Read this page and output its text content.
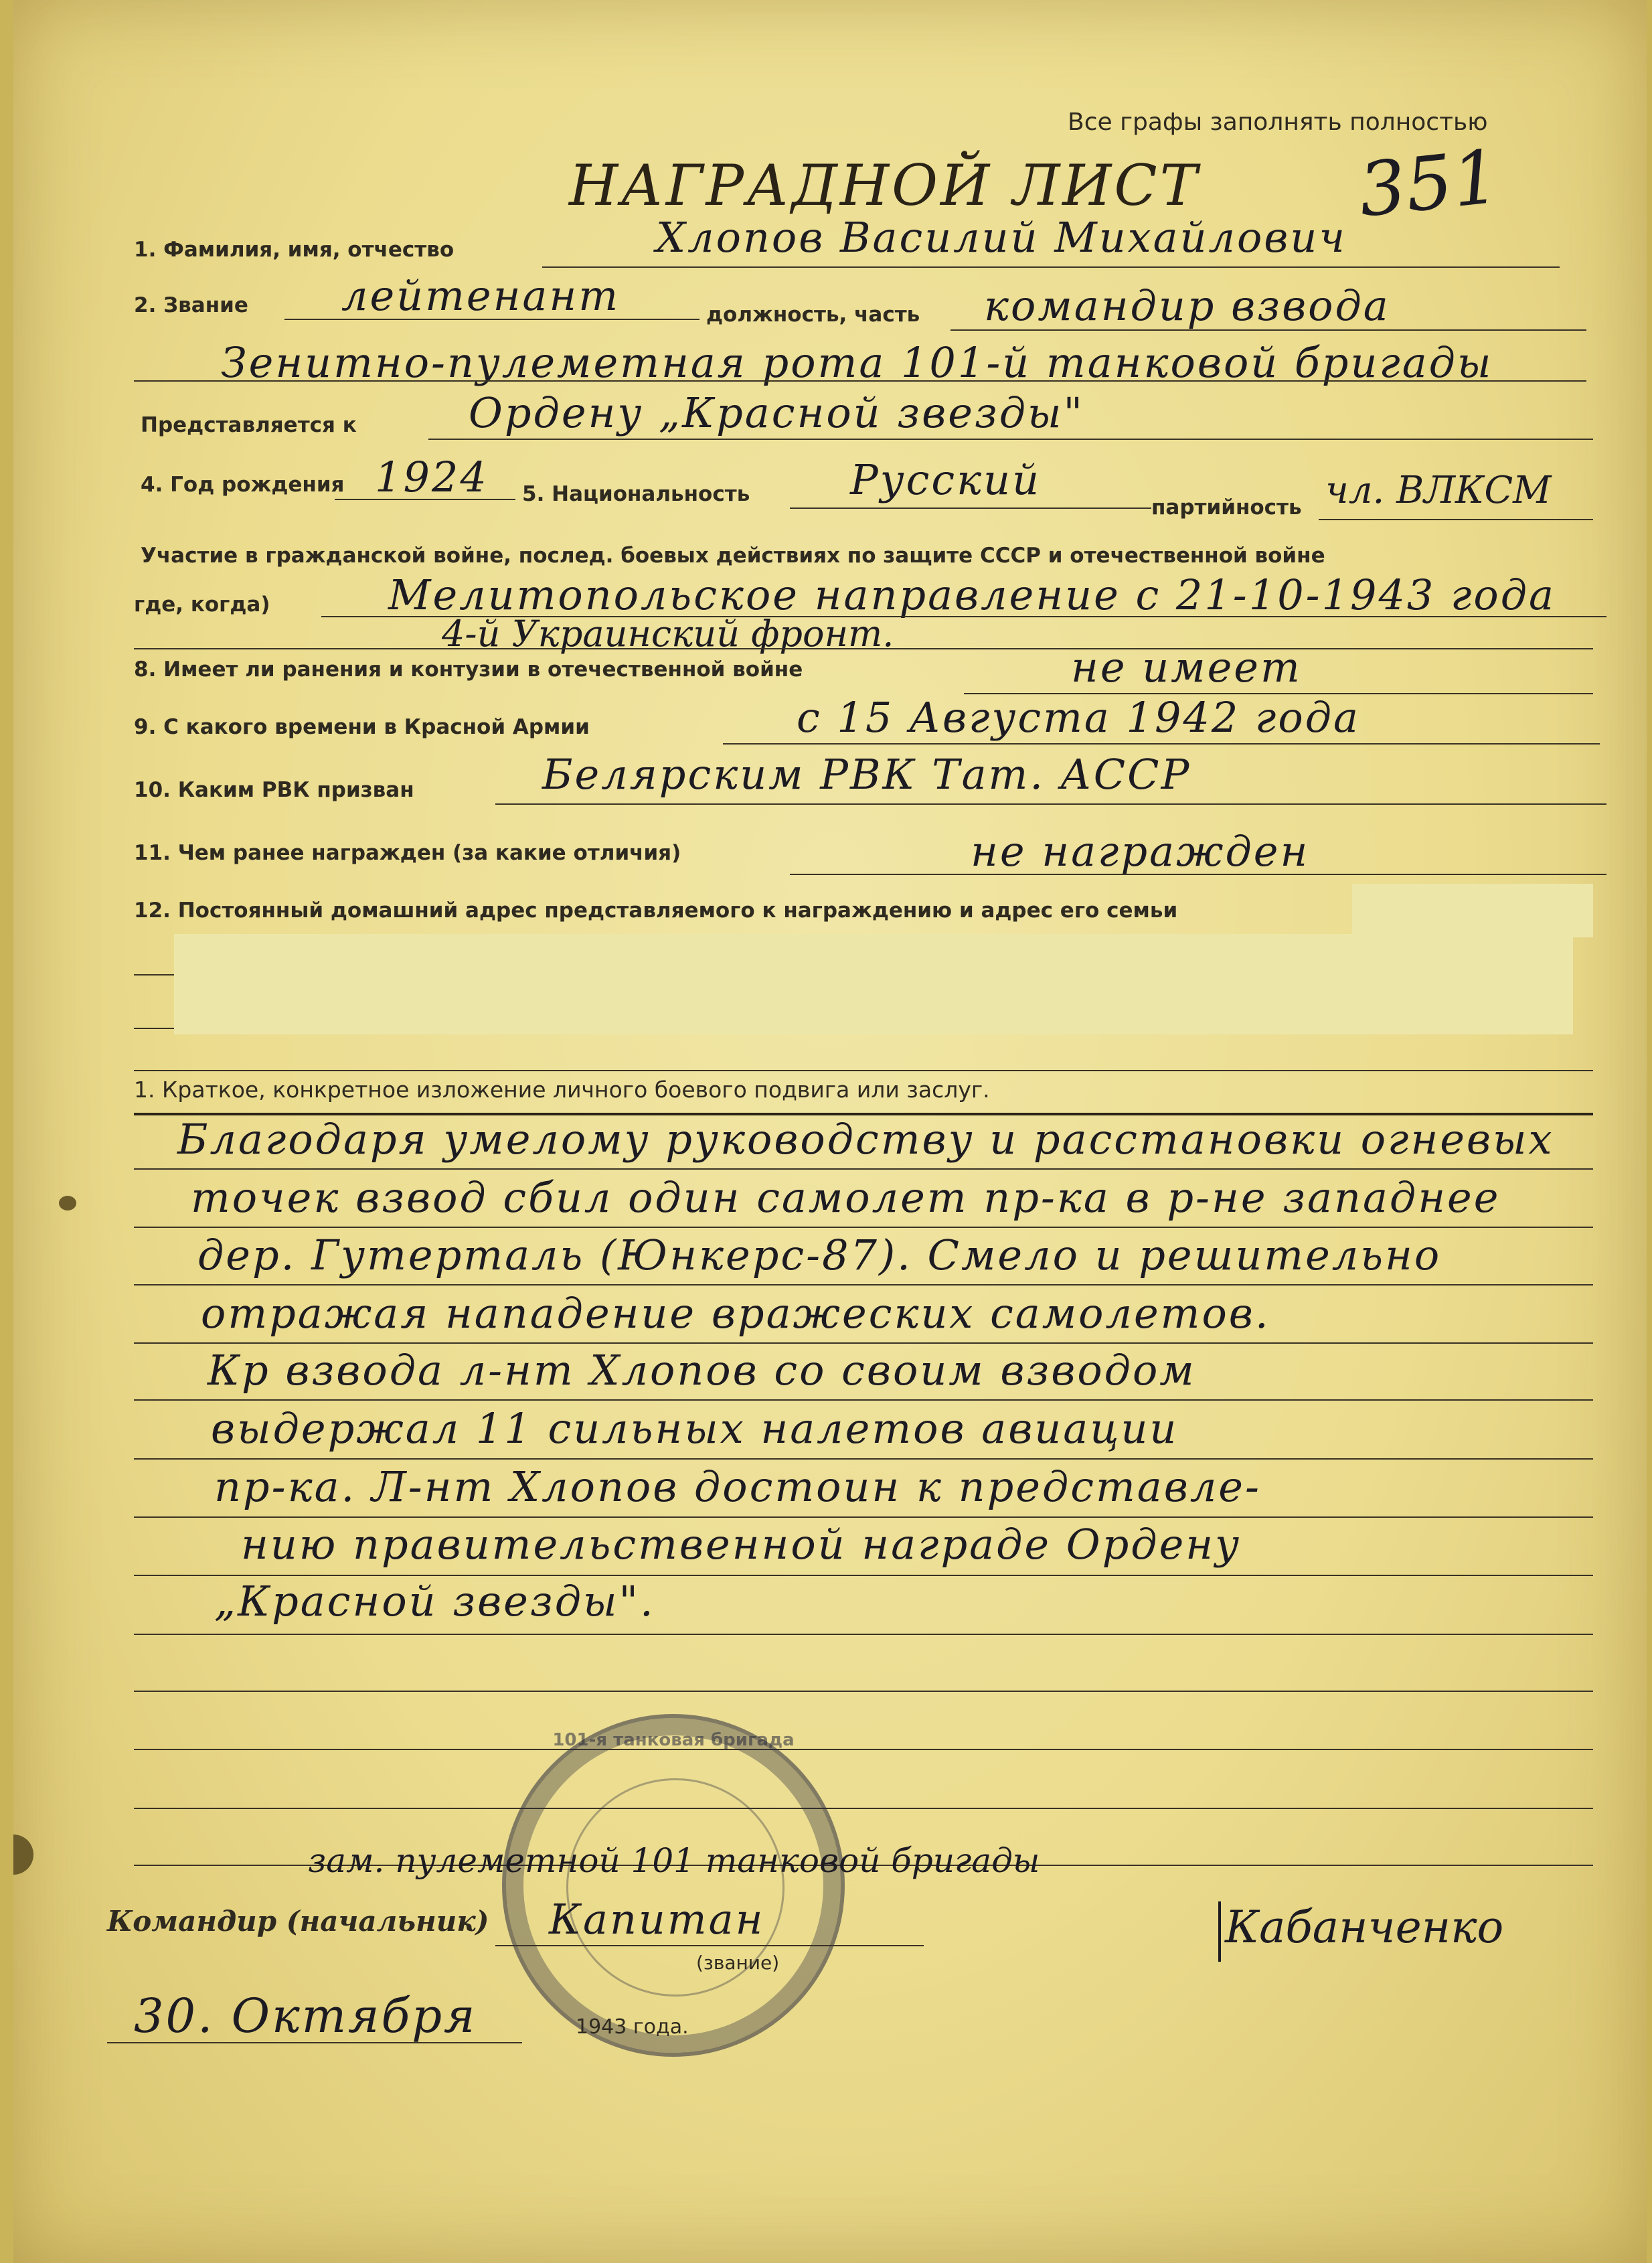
Все графы заполнять полностью
351
НАГРАДНОЙ ЛИСТ
1. Фамилия, имя, отчество	Хлопов Василий Михайлович
2. Звание лейтенант	должность, часть командир взвода
Зенитно-пулеметная рота 101-й танковой бригады
Представляется к	Ордену „Красной звезды"
4. Год рождения 1924 5. Национальность Русский
партийность чл. ВЛКСМ
Участие в гражданской войне, послед. боевых действиях по защите СССР и отечественной войне
где, когда)	Мелитопольское направление с 21-10-1943 года
4-й Украинский фронт.
8. Имеет ли ранения и контузии в отечественной войне	не имеет
9. С какого времени в Красной Армии	с 15 Августа 1942 года
10. Каким РВК призван	Белярским РВК Тат. АССР
11. Чем ранее награжден (за какие отличия)	не награжден
12. Постоянный домашний адрес представляемого к награждению и адрес его семьи
1. Краткое, конкретное изложение личного боевого подвига или заслуг.
Благодаря умелому руководству и расстановки огневых
точек взвод сбил один самолет пр-ка в р-не западнее
дер. Гутерталь (Юнкерс-87). Смело и решительно
отражая нападение вражеских самолетов.
Кр взвода л-нт Хлопов со своим взводом
выдержал 11 сильных налетов авиации
пр-ка. Л-нт Хлопов достоин к представле-
нию правительственной награде Ордену
„Красной звезды".
101-я танковая бригада
зам. пулеметной 101 танковой бригады
Командир (начальник) Капитан
(звание)
Кабанченко
30. Октября	1943 года.
